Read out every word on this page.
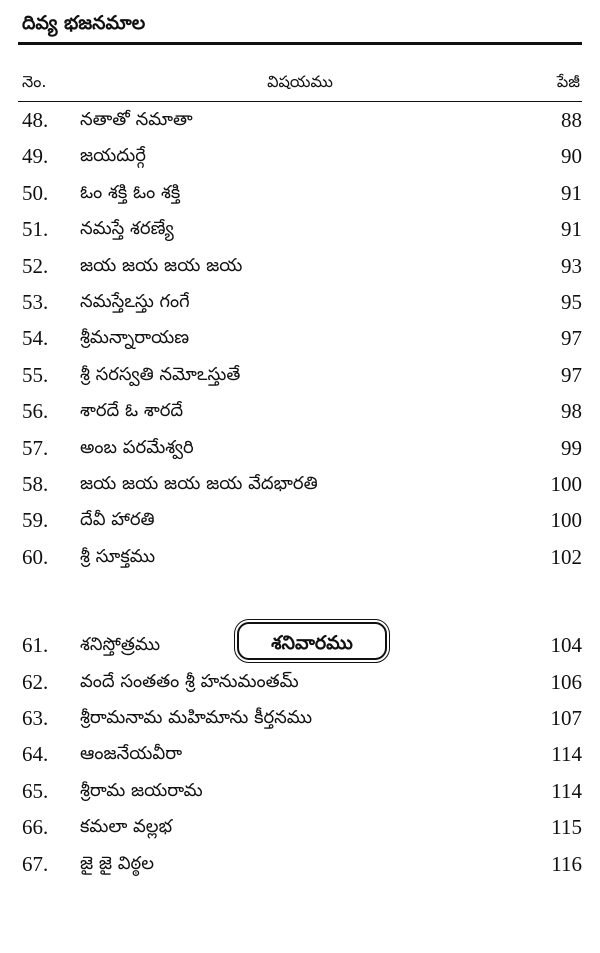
దివ్య భజనమాల
నెం.	విషయము	పేజీ
48. నతాతో నమాతా	88
49. జయదుర్గే	90
50. ఓం శక్తి ఓం శక్తి	91
51. నమస్తే శరణ్యే	91
52. జయ జయ జయ జయ	93
53. నమస్తేఽస్తు గంగే	95
54. శ్రీమన్నారాయణ	97
55. శ్రీ సరస్వతి నమోఽస్తుతే	97
56. శారదే ఓ శారదే	98
57. అంబ పరమేశ్వరి	99
58. జయ జయ జయ జయ వేదభారతి	100
59. దేవీ హారతి	100
60. శ్రీ సూక్తము	102
61. శనిస్తోత్రము	104
62. వందే సంతతం శ్రీ హనుమంతమ్	106
63. శ్రీరామనామ మహిమాను కీర్తనము	107
64. ఆంజనేయవీరా	114
65. శ్రీరామ జయరామ	114
66. కమలా వల్లభ	115
67. జై జై విఠ్ఠల	116
శనివారము
